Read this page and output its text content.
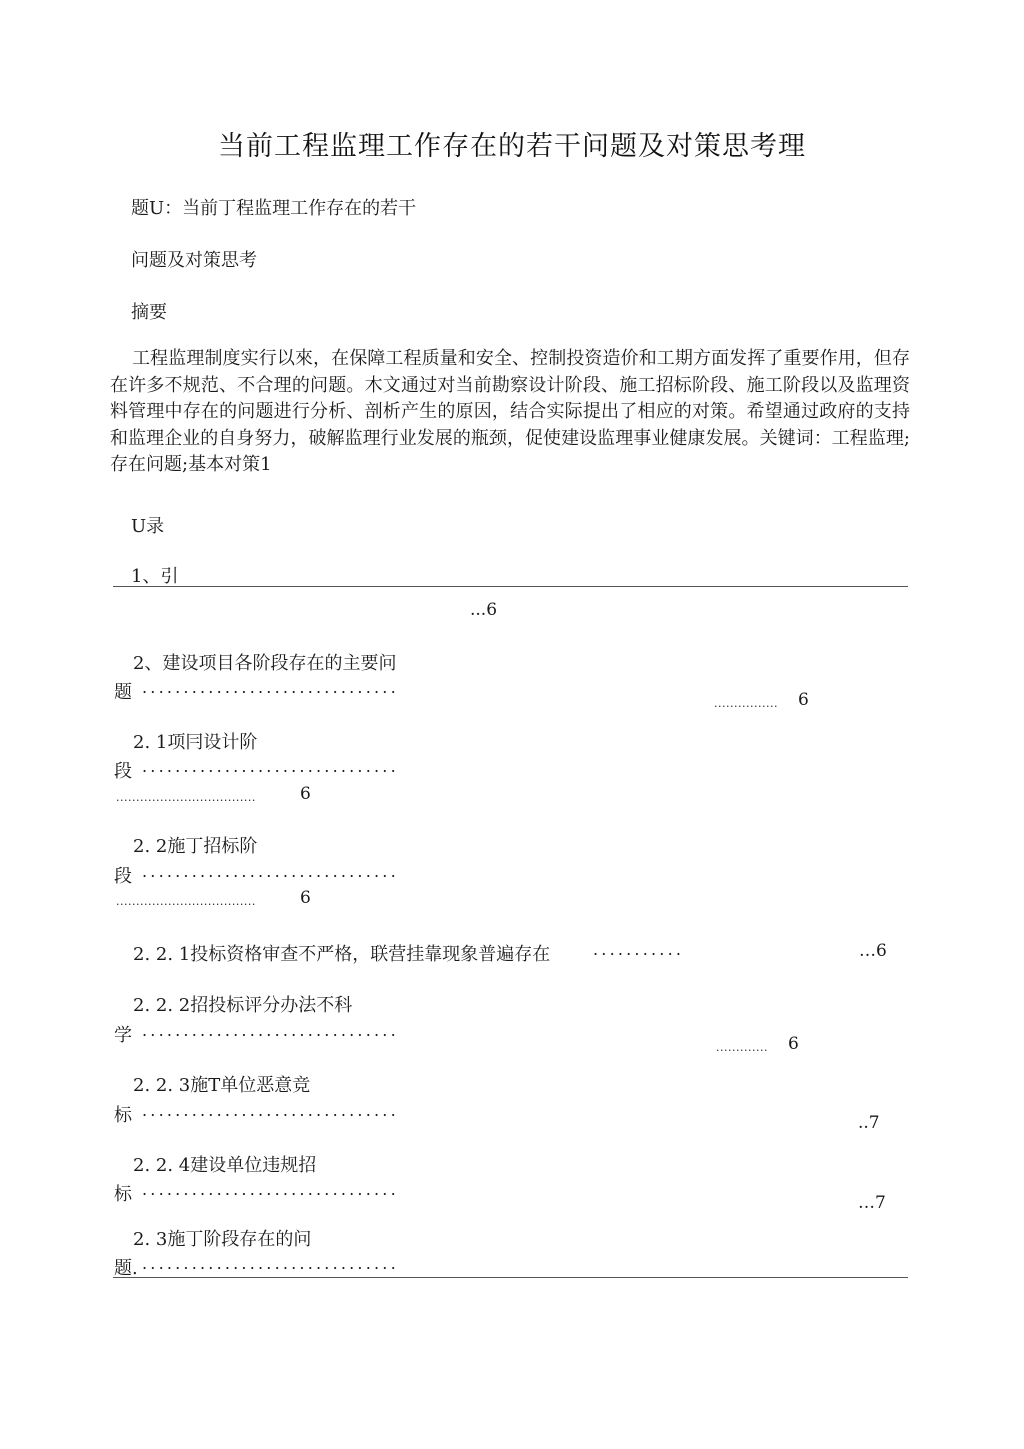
当前工程监理工作存在的若干问题及对策思考理
题U：当前丁程监理工作存在的若干
问题及对策思考
摘要
工程监理制度实行以來，在保障工程质量和安全、控制投资造价和工期方面发挥了重要作用，但存在许多不规范、不合理的问题。木文通过对当前勘察设计阶段、施工招标阶段、施工阶段以及监理资料管理中存在的问题进行分析、剖析产生的原因，结合实际提出了相应的对策。希望通过政府的支持和监理企业的自身努力，破解监理行业发展的瓶颈，促使建设监理事业健康发展。关键词：工程监理;存在问题;基本对策1
U录
1、引
...6
2、建设项目各阶段存在的主要问
题 ...............................
................ 6
2. 1项冃设计阶
段 ...............................
...................................	6
2. 2施丁招标阶
段 ...............................
...................................	6
2. 2. 1投标资格审查不严格，联营挂靠现象普遍存在	...........	…6
2. 2. 2招投标评分办法不科
学 ...............................
............. 6
2. 2. 3施T单位恶意竞
标 ...............................
..7
2. 2. 4建设单位违规招
标 ...............................
…7
2. 3施丁阶段存在的问
题. ...............................
